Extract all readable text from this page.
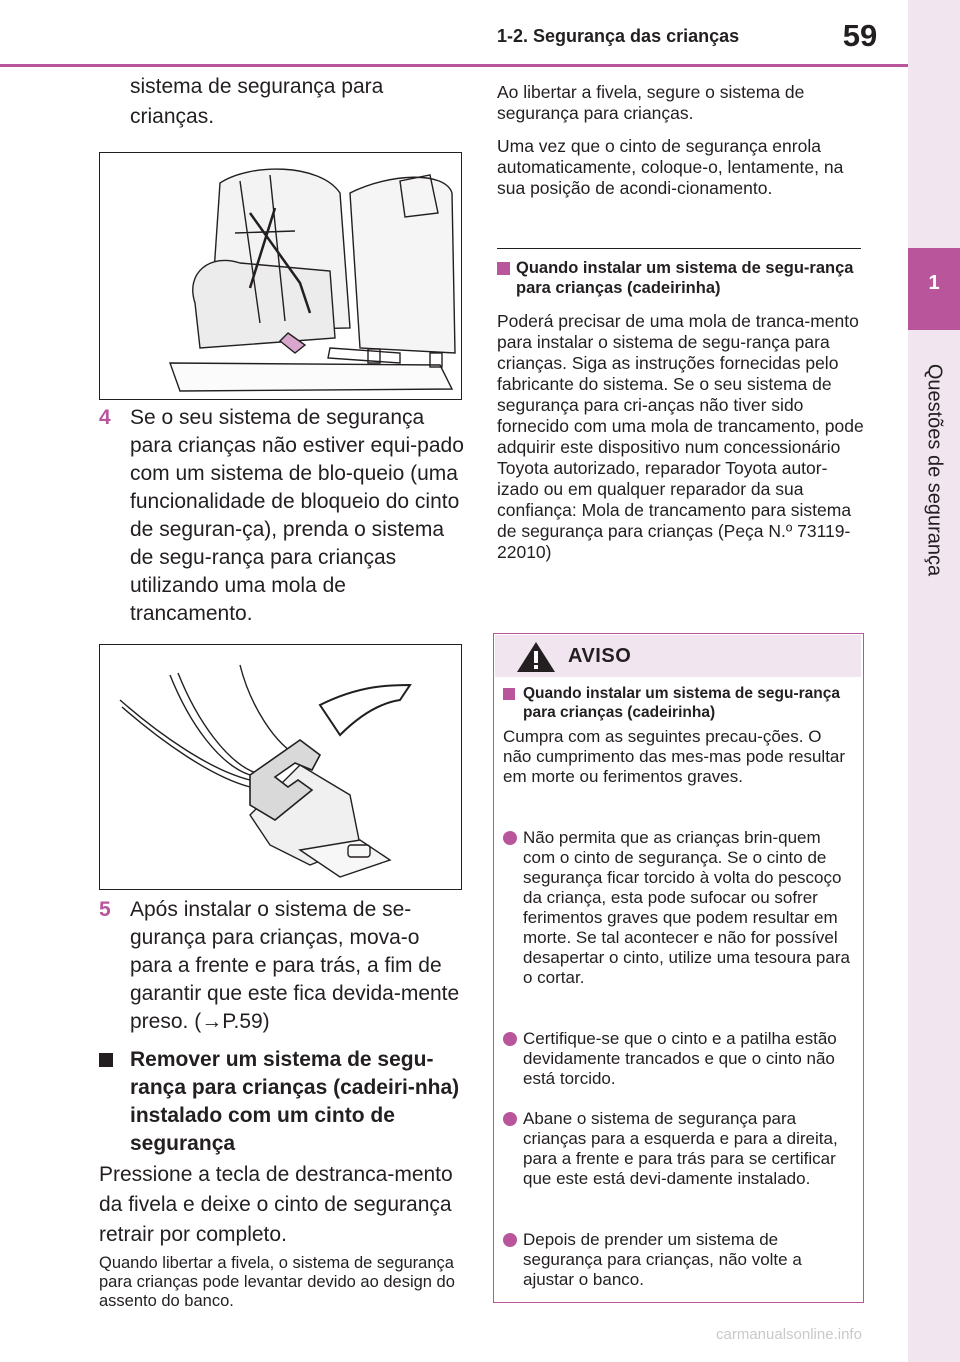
1-2. Segurança das crianças	59
1
Questões de segurança
sistema de segurança para crianças.
4 Se o seu sistema de segurança para crianças não estiver equi-pado com um sistema de blo-queio (uma funcionalidade de bloqueio do cinto de seguran-ça), prenda o sistema de segu-rança para crianças utilizando uma mola de trancamento.
5 Após instalar o sistema de se-gurança para crianças, mova-o para a frente e para trás, a fim de garantir que este fica devida-mente preso. (→P.59)
Remover um sistema de segu-rança para crianças (cadeiri-nha) instalado com um cinto de segurança
Pressione a tecla de destranca-mento da fivela e deixe o cinto de segurança retrair por completo.
Quando libertar a fivela, o sistema de segurança para crianças pode levantar devido ao design do assento do banco.
Ao libertar a fivela, segure o sistema de segurança para crianças.
Uma vez que o cinto de segurança enrola automaticamente, coloque-o, lentamente, na sua posição de acondi-cionamento.
Quando instalar um sistema de segu-rança para crianças (cadeirinha)
Poderá precisar de uma mola de tranca-mento para instalar o sistema de segu-rança para crianças. Siga as instruções fornecidas pelo fabricante do sistema. Se o seu sistema de segurança para cri-anças não tiver sido fornecido com uma mola de trancamento, pode adquirir este dispositivo num concessionário Toyota autorizado, reparador Toyota autor-izado ou em qualquer reparador da sua confiança: Mola de trancamento para sistema de segurança para crianças (Peça N.º 73119-22010)
AVISO
Quando instalar um sistema de segu-rança para crianças (cadeirinha)
Cumpra com as seguintes precau-ções. O não cumprimento das mes-mas pode resultar em morte ou ferimentos graves.
Não permita que as crianças brin-quem com o cinto de segurança. Se o cinto de segurança ficar torcido à volta do pescoço da criança, esta pode sufocar ou sofrer ferimentos graves que podem resultar em morte. Se tal acontecer e não for possível desapertar o cinto, utilize uma tesoura para o cortar.
Certifique-se que o cinto e a patilha estão devidamente trancados e que o cinto não está torcido.
Abane o sistema de segurança para crianças para a esquerda e para a direita, para a frente e para trás para se certificar que este está devi-damente instalado.
Depois de prender um sistema de segurança para crianças, não volte a ajustar o banco.
carmanualsonline.info
